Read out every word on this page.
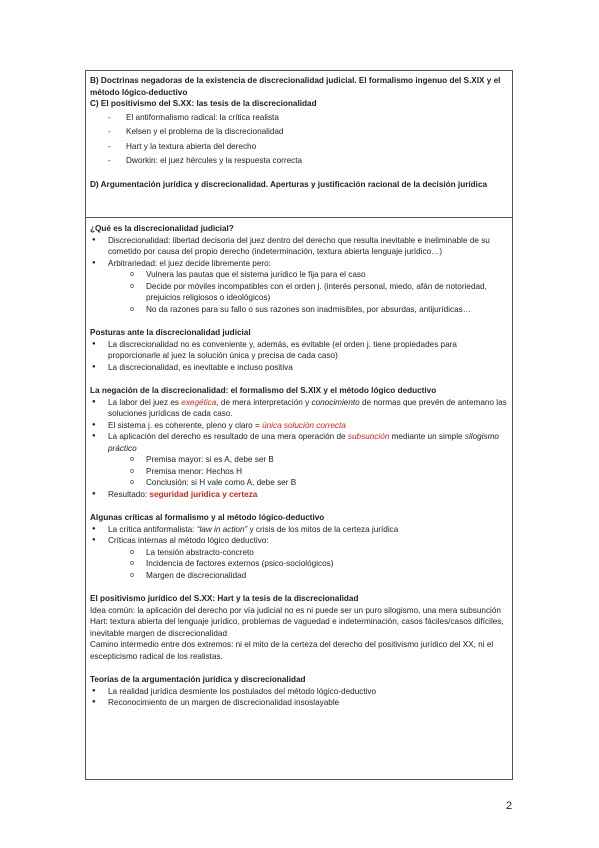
B) Doctrinas negadoras de la existencia de discrecionalidad judicial. El formalismo ingenuo del S.XIX y el método lógico-deductivo

C) El positivismo del S.XX: las tesis de la discrecionalidad

- El antiformalismo radical: la crítica realista
- Kelsen y el problema de la discrecionalidad
- Hart y la textura abierta del derecho
- Dworkin: el juez hércules y la respuesta correcta

D) Argumentación jurídica y discrecionalidad. Aperturas y justificación racional de la decisión jurídica

¿Qué es la discrecionalidad judicial?

● Discrecionalidad: libertad decisoria del juez dentro del derecho que resulta inevitable e ineliminable de su cometido por causa del propio derecho (indeterminación, textura abierta lenguaje jurídico…)
● Arbitrariedad: el juez decide libremente pero:
o Vulnera las pautas que el sistema jurídico le fija para el caso
o Decide por móviles incompatibles con el orden j. (interés personal, miedo, afán de notoriedad, prejuicios religiosos o ideológicos)
o No da razones para su fallo o sus razones son inadmisibles, por absurdas, antijurídicas…

Posturas ante la discrecionalidad judicial

● La discrecionalidad no es conveniente y, además, es evitable (el orden j. tiene propiedades para proporcionarle al juez la solución única y precisa de cada caso)
● La discrecionalidad, es inevitable e incluso positiva

La negación de la discrecionalidad: el formalismo del S.XIX y el método lógico deductivo

● La labor del juez es exegética, de mera interpretación y conocimiento de normas que prevén de antemano las soluciones jurídicas de cada caso.
● El sistema j. es coherente, pleno y claro = única solución correcta
● La aplicación del derecho es resultado de una mera operación de subsunción mediante un simple silogismo práctico
o Premisa mayor: si es A, debe ser B
o Premisa menor: Hechos H
o Conclusión: si H vale como A, debe ser B
● Resultado: seguridad jurídica y certeza

Algunas críticas al formalismo y al método lógico-deductivo

● La crítica antiformalista: “law in action” y crisis de los mitos de la certeza jurídica
● Críticas internas al método lógico deductivo:
o La tensión abstracto-concreto
o Incidencia de factores externos (psico-sociológicos)
o Margen de discrecionalidad

El positivismo jurídico del S.XX: Hart y la tesis de la discrecionalidad

Idea común: la aplicación del derecho por vía judicial no es ni puede ser un puro silogismo, una mera subsunción

Hart: textura abierta del lenguaje jurídico, problemas de vaguedad e indeterminación, casos fáciles/casos difíciles, inevitable margen de discrecionalidad

Camino intermedio entre dos extremos: ni el mito de la certeza del derecho del positivismo jurídico del XX, ni el escepticismo radical de los realistas.

Teorías de la argumentación jurídica y discrecionalidad

● La realidad jurídica desmiente los postulados del método lógico-deductivo
● Reconocimiento de un margen de discrecionalidad insoslayable
2
